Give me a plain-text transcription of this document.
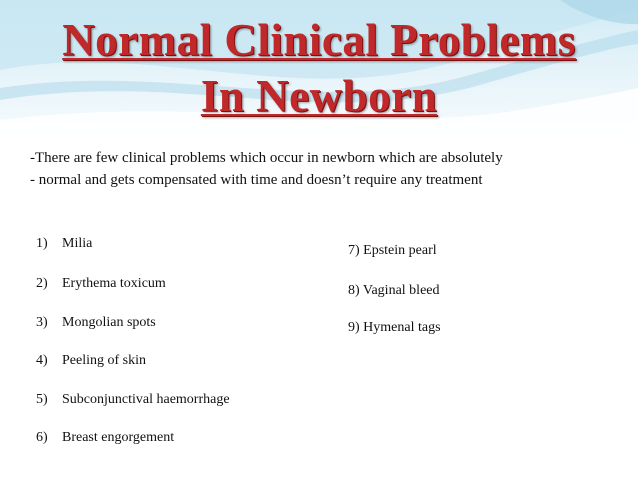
Normal Clinical Problems
In Newborn
-There are few clinical problems which occur in newborn which are absolutely
- normal and gets compensated with time and doesn’t require any treatment
1) Milia
2) Erythema toxicum
3) Mongolian spots
4) Peeling of skin
5) Subconjunctival haemorrhage
6) Breast engorgement
7) Epstein pearl
8) Vaginal bleed
9) Hymenal tags
